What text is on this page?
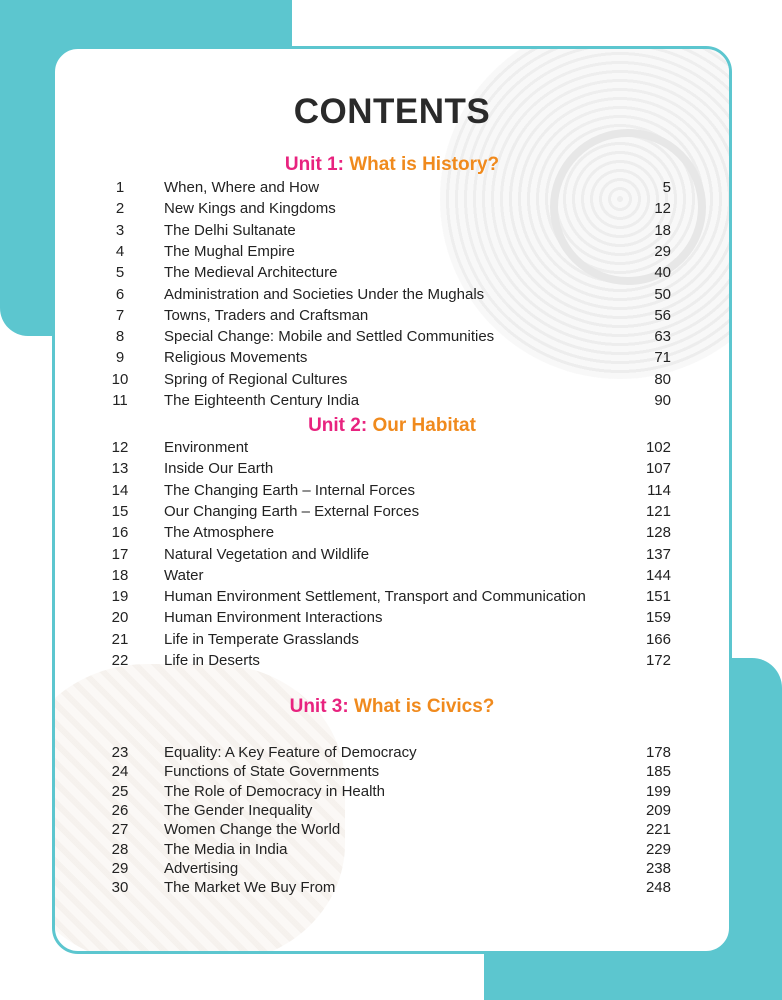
CONTENTS
Unit 1: What is History?
1	When, Where and How	5
2	New Kings and Kingdoms	12
3	The Delhi Sultanate	18
4	The Mughal Empire	29
5	The Medieval Architecture	40
6	Administration and Societies Under the Mughals	50
7	Towns, Traders and Craftsman	56
8	Special Change: Mobile and Settled Communities	63
9	Religious Movements	71
10	Spring of Regional Cultures	80
11	The Eighteenth Century India	90
Unit 2: Our Habitat
12	Environment	102
13	Inside Our Earth	107
14	The Changing Earth – Internal Forces	114
15	Our Changing Earth – External Forces	121
16	The Atmosphere	128
17	Natural Vegetation and Wildlife	137
18	Water	144
19	Human Environment Settlement, Transport and Communication	151
20	Human Environment Interactions	159
21	Life in Temperate Grasslands	166
22	Life in Deserts	172
Unit 3: What is Civics?
23	Equality: A Key Feature of Democracy	178
24	Functions of State Governments	185
25	The Role of Democracy in Health	199
26	The Gender Inequality	209
27	Women Change the World	221
28	The Media in India	229
29	Advertising	238
30	The Market We Buy From	248
